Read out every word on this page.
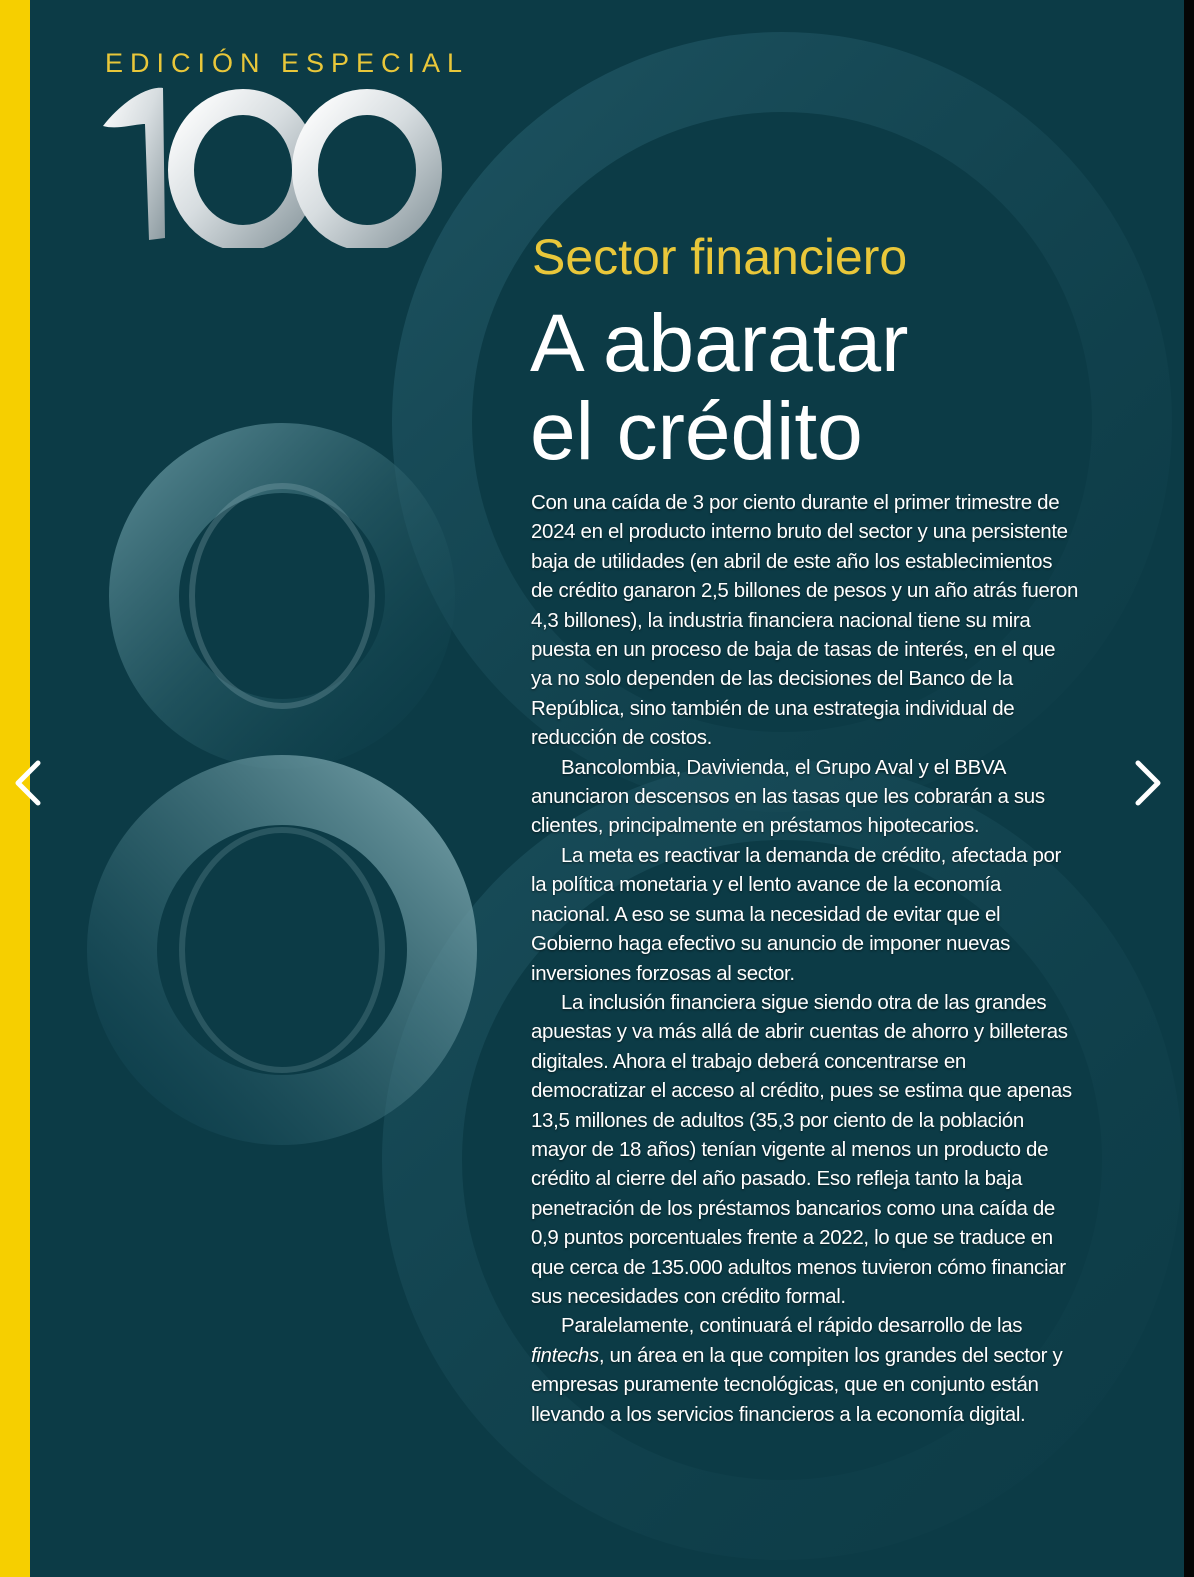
EDICIÓN ESPECIAL
100
Sector financiero
A abaratar
el crédito

Con una caída de 3 por ciento durante el primer trimestre de 2024 en el producto interno bruto del sector y una persistente baja de utilidades (en abril de este año los establecimientos de crédito ganaron 2,5 billones de pesos y un año atrás fueron 4,3 billones), la industria financiera nacional tiene su mira puesta en un proceso de baja de tasas de interés, en el que ya no solo dependen de las decisiones del Banco de la República, sino también de una estrategia individual de reducción de costos.

Bancolombia, Davivienda, el Grupo Aval y el BBVA anunciaron descensos en las tasas que les cobrarán a sus clientes, principalmente en préstamos hipotecarios.

La meta es reactivar la demanda de crédito, afectada por la política monetaria y el lento avance de la economía nacional. A eso se suma la necesidad de evitar que el Gobierno haga efectivo su anuncio de imponer nuevas inversiones forzosas al sector.

La inclusión financiera sigue siendo otra de las grandes apuestas y va más allá de abrir cuentas de ahorro y billeteras digitales. Ahora el trabajo deberá concentrarse en democratizar el acceso al crédito, pues se estima que apenas 13,5 millones de adultos (35,3 por ciento de la población mayor de 18 años) tenían vigente al menos un producto de crédito al cierre del año pasado. Eso refleja tanto la baja penetración de los préstamos bancarios como una caída de 0,9 puntos porcentuales frente a 2022, lo que se traduce en que cerca de 135.000 adultos menos tuvieron cómo financiar sus necesidades con crédito formal.

Paralelamente, continuará el rápido desarrollo de las fintechs, un área en la que compiten los grandes del sector y empresas puramente tecnológicas, que en conjunto están llevando a los servicios financieros a la economía digital.
